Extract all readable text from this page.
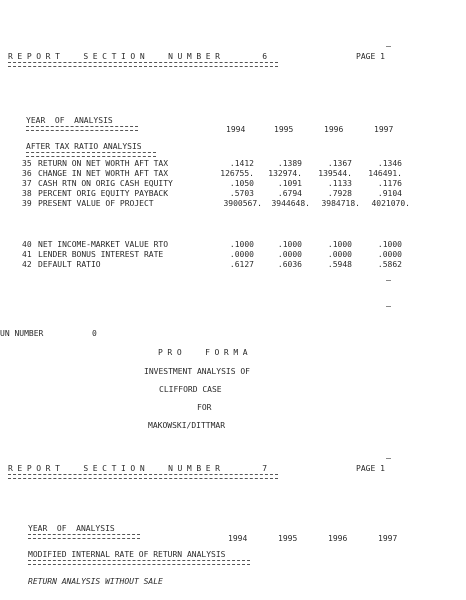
REPORT  SECTION  NUMBER    6	PAGE 1
YEAR  OF  ANALYSIS
1994	1995	1996	1997
AFTER TAX RATIO ANALYSIS
35 RETURN ON NET WORTH AFT TAX	.1412	.1389	.1367	.1346
36 CHANGE IN NET WORTH AFT TAX	126755.	132974.	139544.	146491.
37 CASH RTN ON ORIG CASH EQUITY	.1050	.1091	.1133	.1176
38 PERCENT ORIG EQUITY PAYBACK	.5703	.6794	.7928	.9104
39 PRESENT VALUE OF PROJECT	3900567.	3944648.	3984718.	4021070.
40 NET INCOME-MARKET VALUE RTO	.1000	.1000	.1000	.1000
41 LENDER BONUS INTEREST RATE	.0000	.0000	.0000	.0000
42 DEFAULT RATIO	.6127	.6036	.5948	.5862
UN NUMBER	0
PRO  FORMA
INVESTMENT ANALYSIS OF
CLIFFORD CASE
FOR
MAKOWSKI/DITTMAR
REPORT  SECTION  NUMBER    7	PAGE 1
YEAR  OF  ANALYSIS
1994	1995	1996	1997
MODIFIED INTERNAL RATE OF RETURN ANALYSIS
RETURN ANALYSIS WITHOUT SALE
